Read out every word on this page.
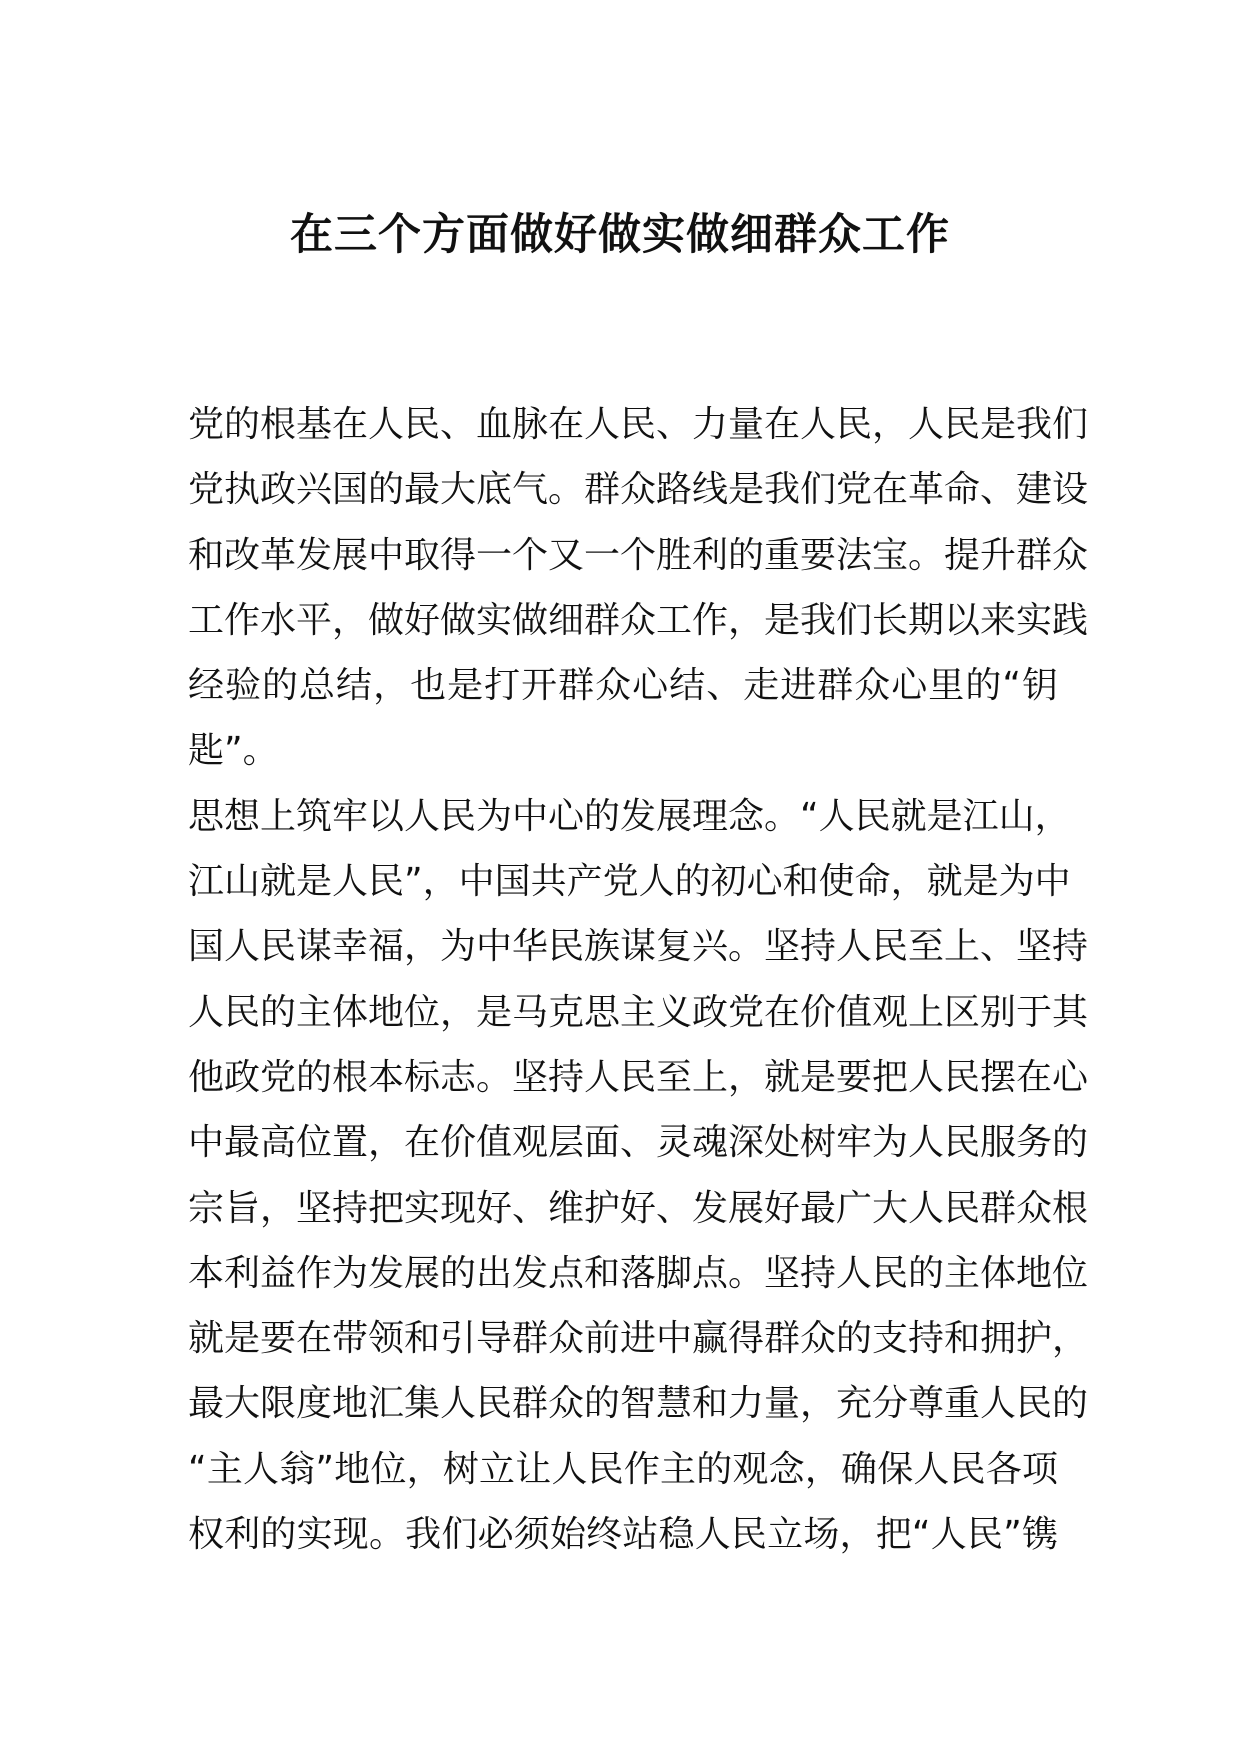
在三个方面做好做实做细群众工作
党的根基在人民、血脉在人民、力量在人民，人民是我们
党执政兴国的最大底气。群众路线是我们党在革命、建设
和改革发展中取得一个又一个胜利的重要法宝。提升群众
工作水平，做好做实做细群众工作，是我们长期以来实践
经验的总结，也是打开群众心结、走进群众心里的“钥
匙”。
思想上筑牢以人民为中心的发展理念。“人民就是江山，
江山就是人民”，中国共产党人的初心和使命，就是为中
国人民谋幸福，为中华民族谋复兴。坚持人民至上、坚持
人民的主体地位，是马克思主义政党在价值观上区别于其
他政党的根本标志。坚持人民至上，就是要把人民摆在心
中最高位置，在价值观层面、灵魂深处树牢为人民服务的
宗旨，坚持把实现好、维护好、发展好最广大人民群众根
本利益作为发展的出发点和落脚点。坚持人民的主体地位
就是要在带领和引导群众前进中赢得群众的支持和拥护，
最大限度地汇集人民群众的智慧和力量，充分尊重人民的
“主人翁”地位，树立让人民作主的观念，确保人民各项
权利的实现。我们必须始终站稳人民立场，把“人民”镌
